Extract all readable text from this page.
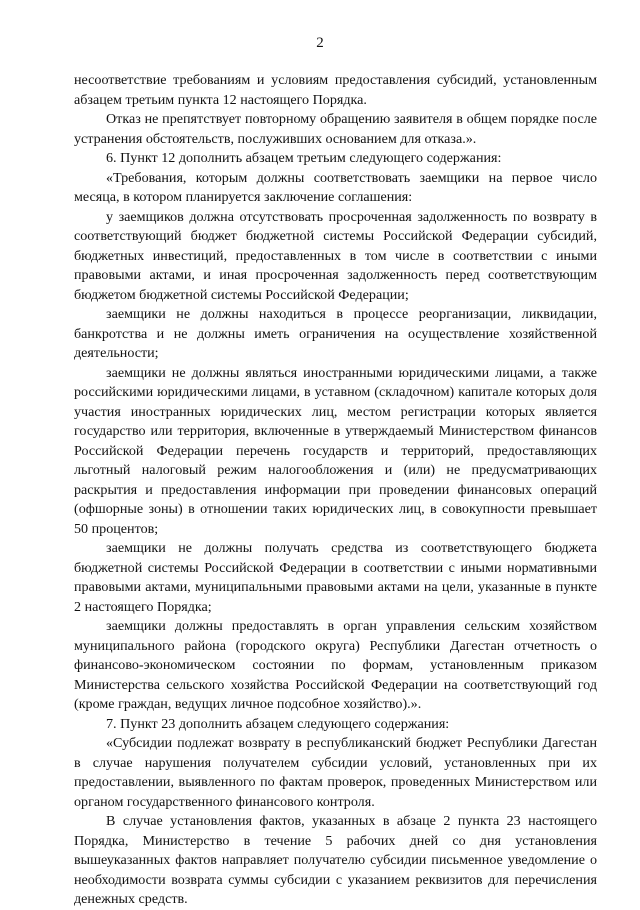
2

несоответствие требованиям и условиям предоставления субсидий, установленным абзацем третьим пункта 12 настоящего Порядка.

Отказ не препятствует повторному обращению заявителя в общем порядке после устранения обстоятельств, послуживших основанием для отказа.».

6. Пункт 12 дополнить абзацем третьим следующего содержания:

«Требования, которым должны соответствовать заемщики на первое число месяца, в котором планируется заключение соглашения:

у заемщиков должна отсутствовать просроченная задолженность по возврату в соответствующий бюджет бюджетной системы Российской Федерации субсидий, бюджетных инвестиций, предоставленных в том числе в соответствии с иными правовыми актами, и иная просроченная задолженность перед соответствующим бюджетом бюджетной системы Российской Федерации;

заемщики не должны находиться в процессе реорганизации, ликвидации, банкротства и не должны иметь ограничения на осуществление хозяйственной деятельности;

заемщики не должны являться иностранными юридическими лицами, а также российскими юридическими лицами, в уставном (складочном) капитале которых доля участия иностранных юридических лиц, местом регистрации которых является государство или территория, включенные в утверждаемый Министерством финансов Российской Федерации перечень государств и территорий, предоставляющих льготный налоговый режим налогообложения и (или) не предусматривающих раскрытия и предоставления информации при проведении финансовых операций (офшорные зоны) в отношении таких юридических лиц, в совокупности превышает 50 процентов;

заемщики не должны получать средства из соответствующего бюджета бюджетной системы Российской Федерации в соответствии с иными нормативными правовыми актами, муниципальными правовыми актами на цели, указанные в пункте 2 настоящего Порядка;

заемщики должны предоставлять в орган управления сельским хозяйством муниципального района (городского округа) Республики Дагестан отчетность о финансово-экономическом состоянии по формам, установленным приказом Министерства сельского хозяйства Российской Федерации на соответствующий год (кроме граждан, ведущих личное подсобное хозяйство).».

7. Пункт 23 дополнить абзацем следующего содержания:

«Субсидии подлежат возврату в республиканский бюджет Республики Дагестан в случае нарушения получателем субсидии условий, установленных при их предоставлении, выявленного по фактам проверок, проведенных Министерством или органом государственного финансового контроля.

В случае установления фактов, указанных в абзаце 2 пункта 23 настоящего Порядка, Министерство в течение 5 рабочих дней со дня установления вышеуказанных фактов направляет получателю субсидии письменное уведомление о необходимости возврата суммы субсидии с указанием реквизитов для перечисления денежных средств.
